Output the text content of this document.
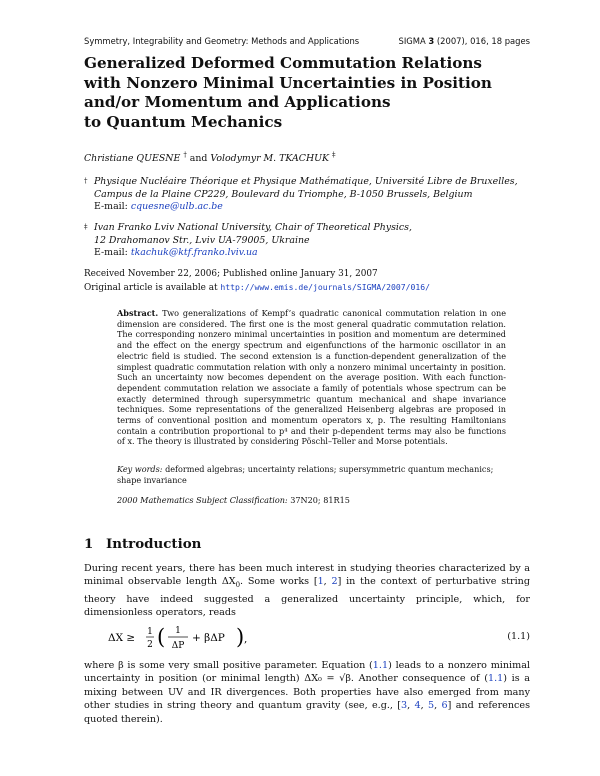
Symmetry, Integrability and Geometry: Methods and Applications	SIGMA 3 (2007), 016, 18 pages
Generalized Deformed Commutation Relations
with Nonzero Minimal Uncertainties in Position
and/or Momentum and Applications
to Quantum Mechanics
Christiane QUESNE † and Volodymyr M. TKACHUK ‡
† Physique Nucléaire Théorique et Physique Mathématique, Université Libre de Bruxelles,
Campus de la Plaine CP229, Boulevard du Triomphe, B-1050 Brussels, Belgium
E-mail: cquesne@ulb.ac.be
‡ Ivan Franko Lviv National University, Chair of Theoretical Physics,
12 Drahomanov Str., Lviv UA-79005, Ukraine
E-mail: tkachuk@ktf.franko.lviv.ua
Received November 22, 2006; Published online January 31, 2007
Original article is available at http://www.emis.de/journals/SIGMA/2007/016/
Abstract. Two generalizations of Kempf’s quadratic canonical commutation relation in one dimension are considered. The first one is the most general quadratic commutation relation. The corresponding nonzero minimal uncertainties in position and momentum are determined and the effect on the energy spectrum and eigenfunctions of the harmonic oscillator in an electric field is studied. The second extension is a function-dependent generalization of the simplest quadratic commutation relation with only a nonzero minimal uncertainty in position. Such an uncertainty now becomes dependent on the average position. With each function-dependent commutation relation we associate a family of potentials whose spectrum can be exactly determined through supersymmetric quantum mechanical and shape invariance techniques. Some representations of the generalized Heisenberg algebras are proposed in terms of conventional position and momentum operators x, p. The resulting Hamiltonians contain a contribution proportional to p⁴ and their p-dependent terms may also be functions of x. The theory is illustrated by considering Pöschl–Teller and Morse potentials.
Key words: deformed algebras; uncertainty relations; supersymmetric quantum mechanics; shape invariance
2000 Mathematics Subject Classification: 37N20; 81R15
1 Introduction
During recent years, there has been much interest in studying theories characterized by a minimal observable length $\Delta X_0$. Some works [1, 2] in the context of perturbative string theory have indeed suggested a generalized uncertainty principle, which, for dimensionless operators, reads
ΔX ≥ 1
2 ( 1
ΔP
+ βΔP ) ,	(1.1)
where β is some very small positive parameter. Equation (1.1) leads to a nonzero minimal uncertainty in position (or minimal length) ΔX₀ = √β. Another consequence of (1.1) is a mixing between UV and IR divergences. Both properties have also emerged from many other studies in string theory and quantum gravity (see, e.g., [3, 4, 5, 6] and references quoted therein).
